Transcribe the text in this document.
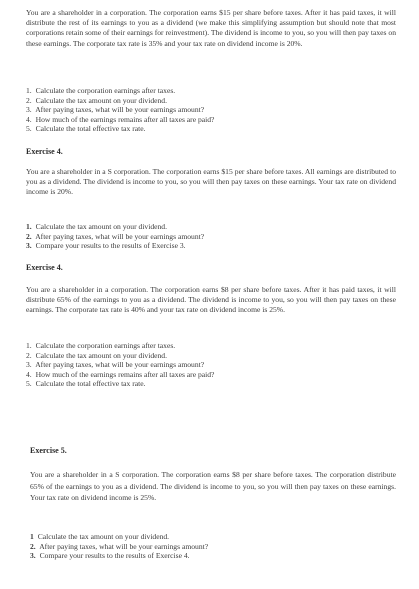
You are a shareholder in a corporation. The corporation earns $15 per share before taxes. After it has paid taxes, it will distribute the rest of its earnings to you as a dividend (we make this simplifying assumption but should note that most corporations retain some of their earnings for reinvestment). The dividend is income to you, so you will then pay taxes on these earnings. The corporate tax rate is 35% and your tax rate on dividend income is 20%.

1. Calculate the corporation earnings after taxes.
2. Calculate the tax amount on your dividend.
3. After paying taxes, what will be your earnings amount?
4. How much of the earnings remains after all taxes are paid?
5. Calculate the total effective tax rate.
Exercise 4.

You are a shareholder in a S corporation. The corporation earns $15 per share before taxes. All earnings are distributed to you as a dividend. The dividend is income to you, so you will then pay taxes on these earnings. Your tax rate on dividend income is 20%.

1. Calculate the tax amount on your dividend.
2. After paying taxes, what will be your earnings amount?
3. Compare your results to the results of Exercise 3.
Exercise 4.

You are a shareholder in a corporation. The corporation earns $8 per share before taxes. After it has paid taxes, it will distribute 65% of the earnings to you as a dividend. The dividend is income to you, so you will then pay taxes on these earnings. The corporate tax rate is 40% and your tax rate on dividend income is 25%.

1. Calculate the corporation earnings after taxes.
2. Calculate the tax amount on your dividend.
3. After paying taxes, what will be your earnings amount?
4. How much of the earnings remains after all taxes are paid?
5. Calculate the total effective tax rate.
Exercise 5.

You are a shareholder in a S corporation. The corporation earns $8 per share before taxes. The corporation distribute 65% of the earnings to you as a dividend. The dividend is income to you, so you will then pay taxes on these earnings. Your tax rate on dividend income is 25%.

1 Calculate the tax amount on your dividend.
2. After paying taxes, what will be your earnings amount?
3. Compare your results to the results of Exercise 4.
